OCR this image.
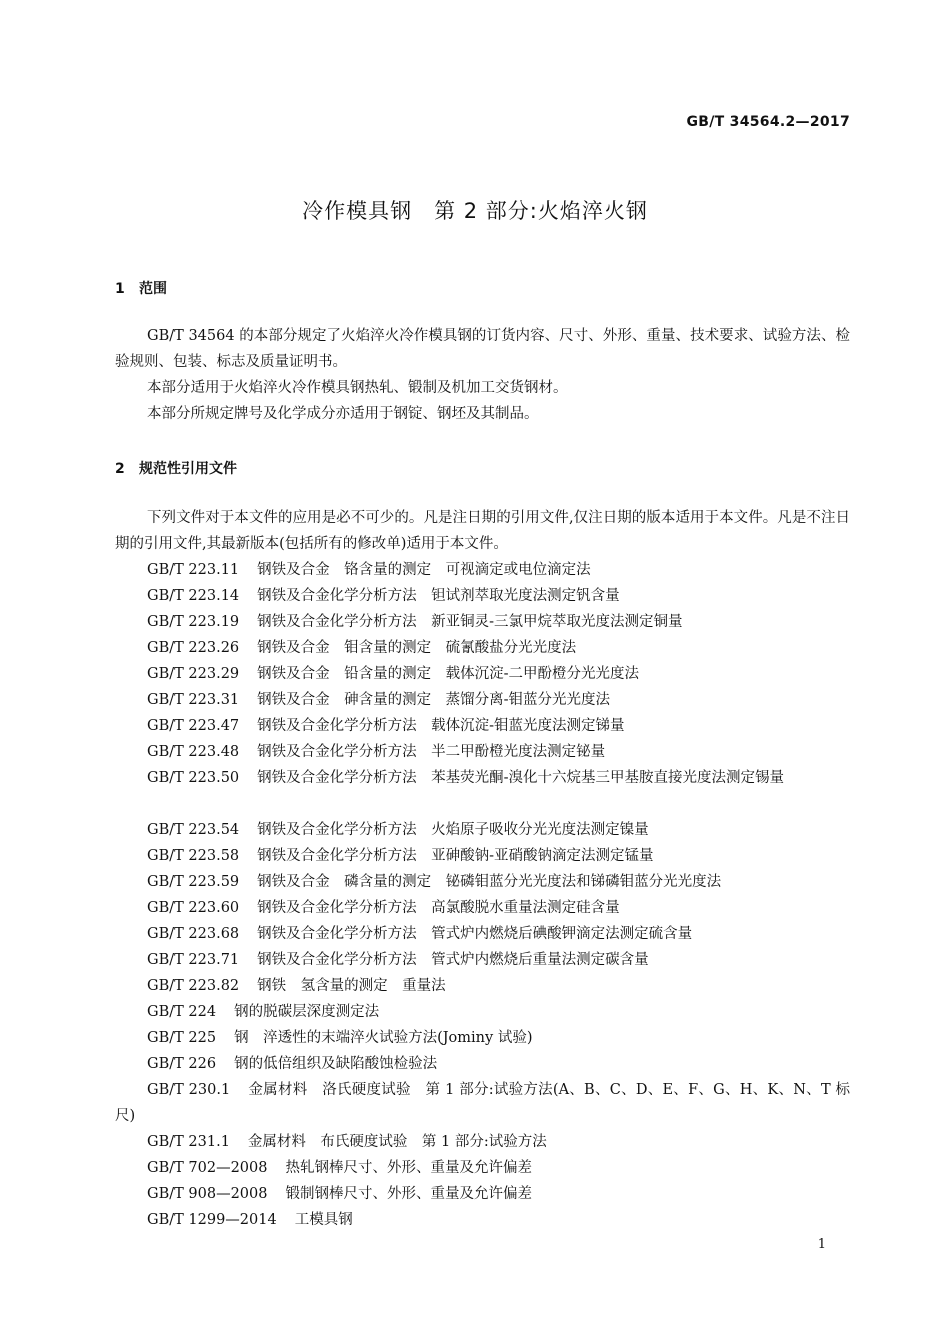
GB/T 34564.2—2017
冷作模具钢　第 2 部分:火焰淬火钢
1 范围
GB/T 34564 的本部分规定了火焰淬火冷作模具钢的订货内容、尺寸、外形、重量、技术要求、试验方法、检验规则、包装、标志及质量证明书。
本部分适用于火焰淬火冷作模具钢热轧、锻制及机加工交货钢材。
本部分所规定牌号及化学成分亦适用于钢锭、钢坯及其制品。
2 规范性引用文件
下列文件对于本文件的应用是必不可少的。凡是注日期的引用文件,仅注日期的版本适用于本文件。凡是不注日期的引用文件,其最新版本(包括所有的修改单)适用于本文件。
GB/T 223.11 钢铁及合金　铬含量的测定　可视滴定或电位滴定法
GB/T 223.14 钢铁及合金化学分析方法　钽试剂萃取光度法测定钒含量
GB/T 223.19 钢铁及合金化学分析方法　新亚铜灵-三氯甲烷萃取光度法测定铜量
GB/T 223.26 钢铁及合金　钼含量的测定　硫氰酸盐分光光度法
GB/T 223.29 钢铁及合金　铅含量的测定　载体沉淀-二甲酚橙分光光度法
GB/T 223.31 钢铁及合金　砷含量的测定　蒸馏分离-钼蓝分光光度法
GB/T 223.47 钢铁及合金化学分析方法　载体沉淀-钼蓝光度法测定锑量
GB/T 223.48 钢铁及合金化学分析方法　半二甲酚橙光度法测定铋量
GB/T 223.50 钢铁及合金化学分析方法　苯基荧光酮-溴化十六烷基三甲基胺直接光度法测定锡量
GB/T 223.54 钢铁及合金化学分析方法　火焰原子吸收分光光度法测定镍量
GB/T 223.58 钢铁及合金化学分析方法　亚砷酸钠-亚硝酸钠滴定法测定锰量
GB/T 223.59 钢铁及合金　磷含量的测定　铋磷钼蓝分光光度法和锑磷钼蓝分光光度法
GB/T 223.60 钢铁及合金化学分析方法　高氯酸脱水重量法测定硅含量
GB/T 223.68 钢铁及合金化学分析方法　管式炉内燃烧后碘酸钾滴定法测定硫含量
GB/T 223.71 钢铁及合金化学分析方法　管式炉内燃烧后重量法测定碳含量
GB/T 223.82 钢铁　氢含量的测定　重量法
GB/T 224 钢的脱碳层深度测定法
GB/T 225 钢　淬透性的末端淬火试验方法(Jominy 试验)
GB/T 226 钢的低倍组织及缺陷酸蚀检验法
GB/T 230.1 金属材料　洛氏硬度试验　第 1 部分:试验方法(A、B、C、D、E、F、G、H、K、N、T 标尺)
GB/T 231.1 金属材料　布氏硬度试验　第 1 部分:试验方法
GB/T 702—2008 热轧钢棒尺寸、外形、重量及允许偏差
GB/T 908—2008 锻制钢棒尺寸、外形、重量及允许偏差
GB/T 1299—2014 工模具钢
1
